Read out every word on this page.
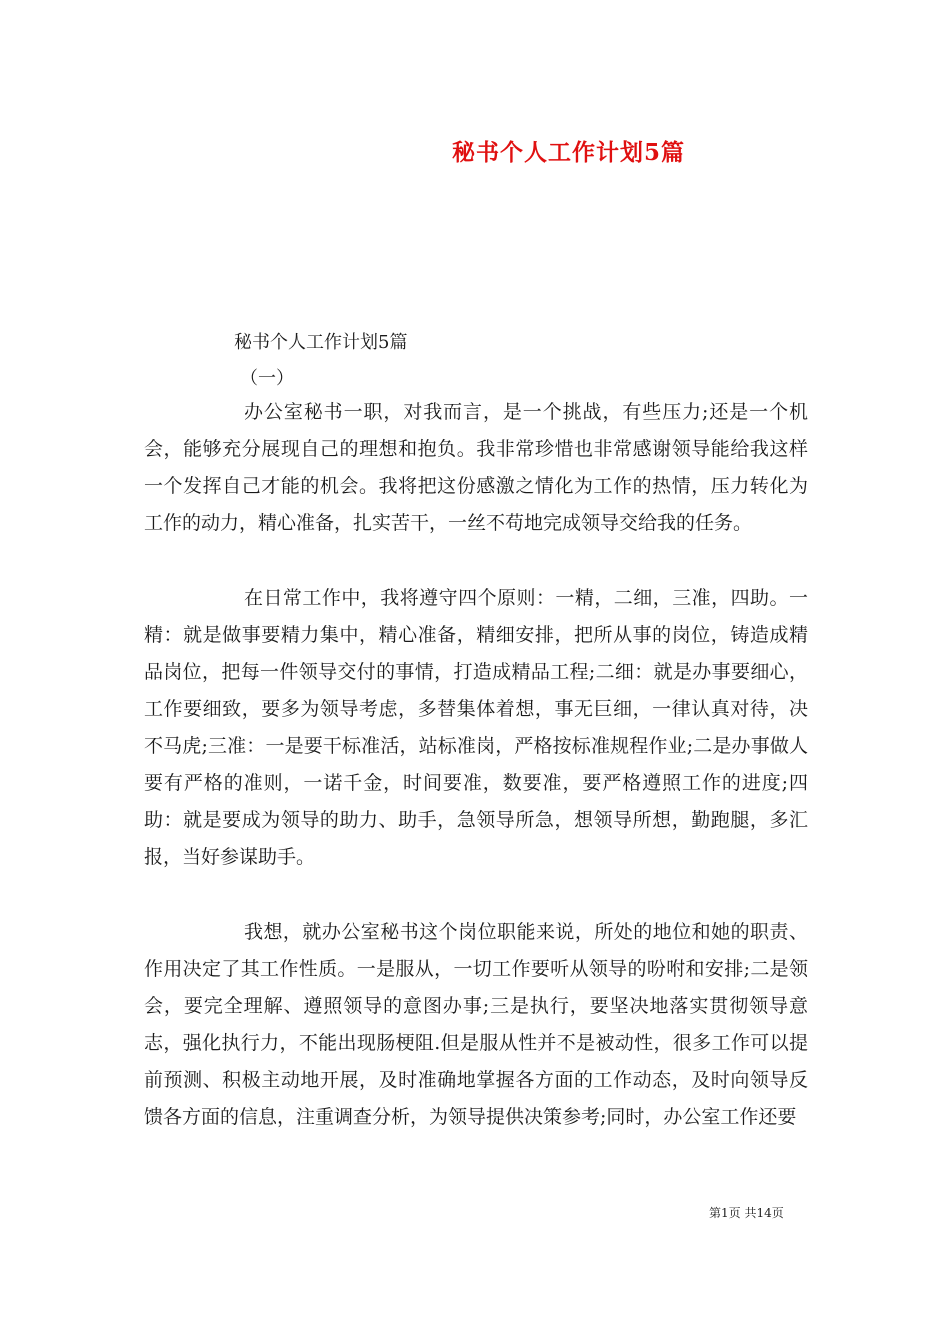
秘书个人工作计划5篇
秘书个人工作计划5篇
（一）

办公室秘书一职，对我而言，是一个挑战，有些压力;还是一个机会，能够充分展现自己的理想和抱负。我非常珍惜也非常感谢领导能给我这样一个发挥自己才能的机会。我将把这份感激之情化为工作的热情，压力转化为工作的动力，精心准备，扎实苦干，一丝不苟地完成领导交给我的任务。

在日常工作中，我将遵守四个原则：一精，二细，三准，四助。一精：就是做事要精力集中，精心准备，精细安排，把所从事的岗位，铸造成精品岗位，把每一件领导交付的事情，打造成精品工程;二细：就是办事要细心，工作要细致，要多为领导考虑，多替集体着想，事无巨细，一律认真对待，决不马虎;三准：一是要干标准活，站标准岗，严格按标准规程作业;二是办事做人要有严格的准则，一诺千金，时间要准，数要准，要严格遵照工作的进度;四助：就是要成为领导的助力、助手，急领导所急，想领导所想，勤跑腿，多汇报，当好参谋助手。

我想，就办公室秘书这个岗位职能来说，所处的地位和她的职责、作用决定了其工作性质。一是服从，一切工作要听从领导的吩咐和安排;二是领会，要完全理解、遵照领导的意图办事;三是执行，要坚决地落实贯彻领导意志，强化执行力，不能出现肠梗阻.但是服从性并不是被动性，很多工作可以提前预测、积极主动地开展，及时准确地掌握各方面的工作动态，及时向领导反馈各方面的信息，注重调查分析，为领导提供决策参考;同时，办公室工作还要

第1页 共14页
